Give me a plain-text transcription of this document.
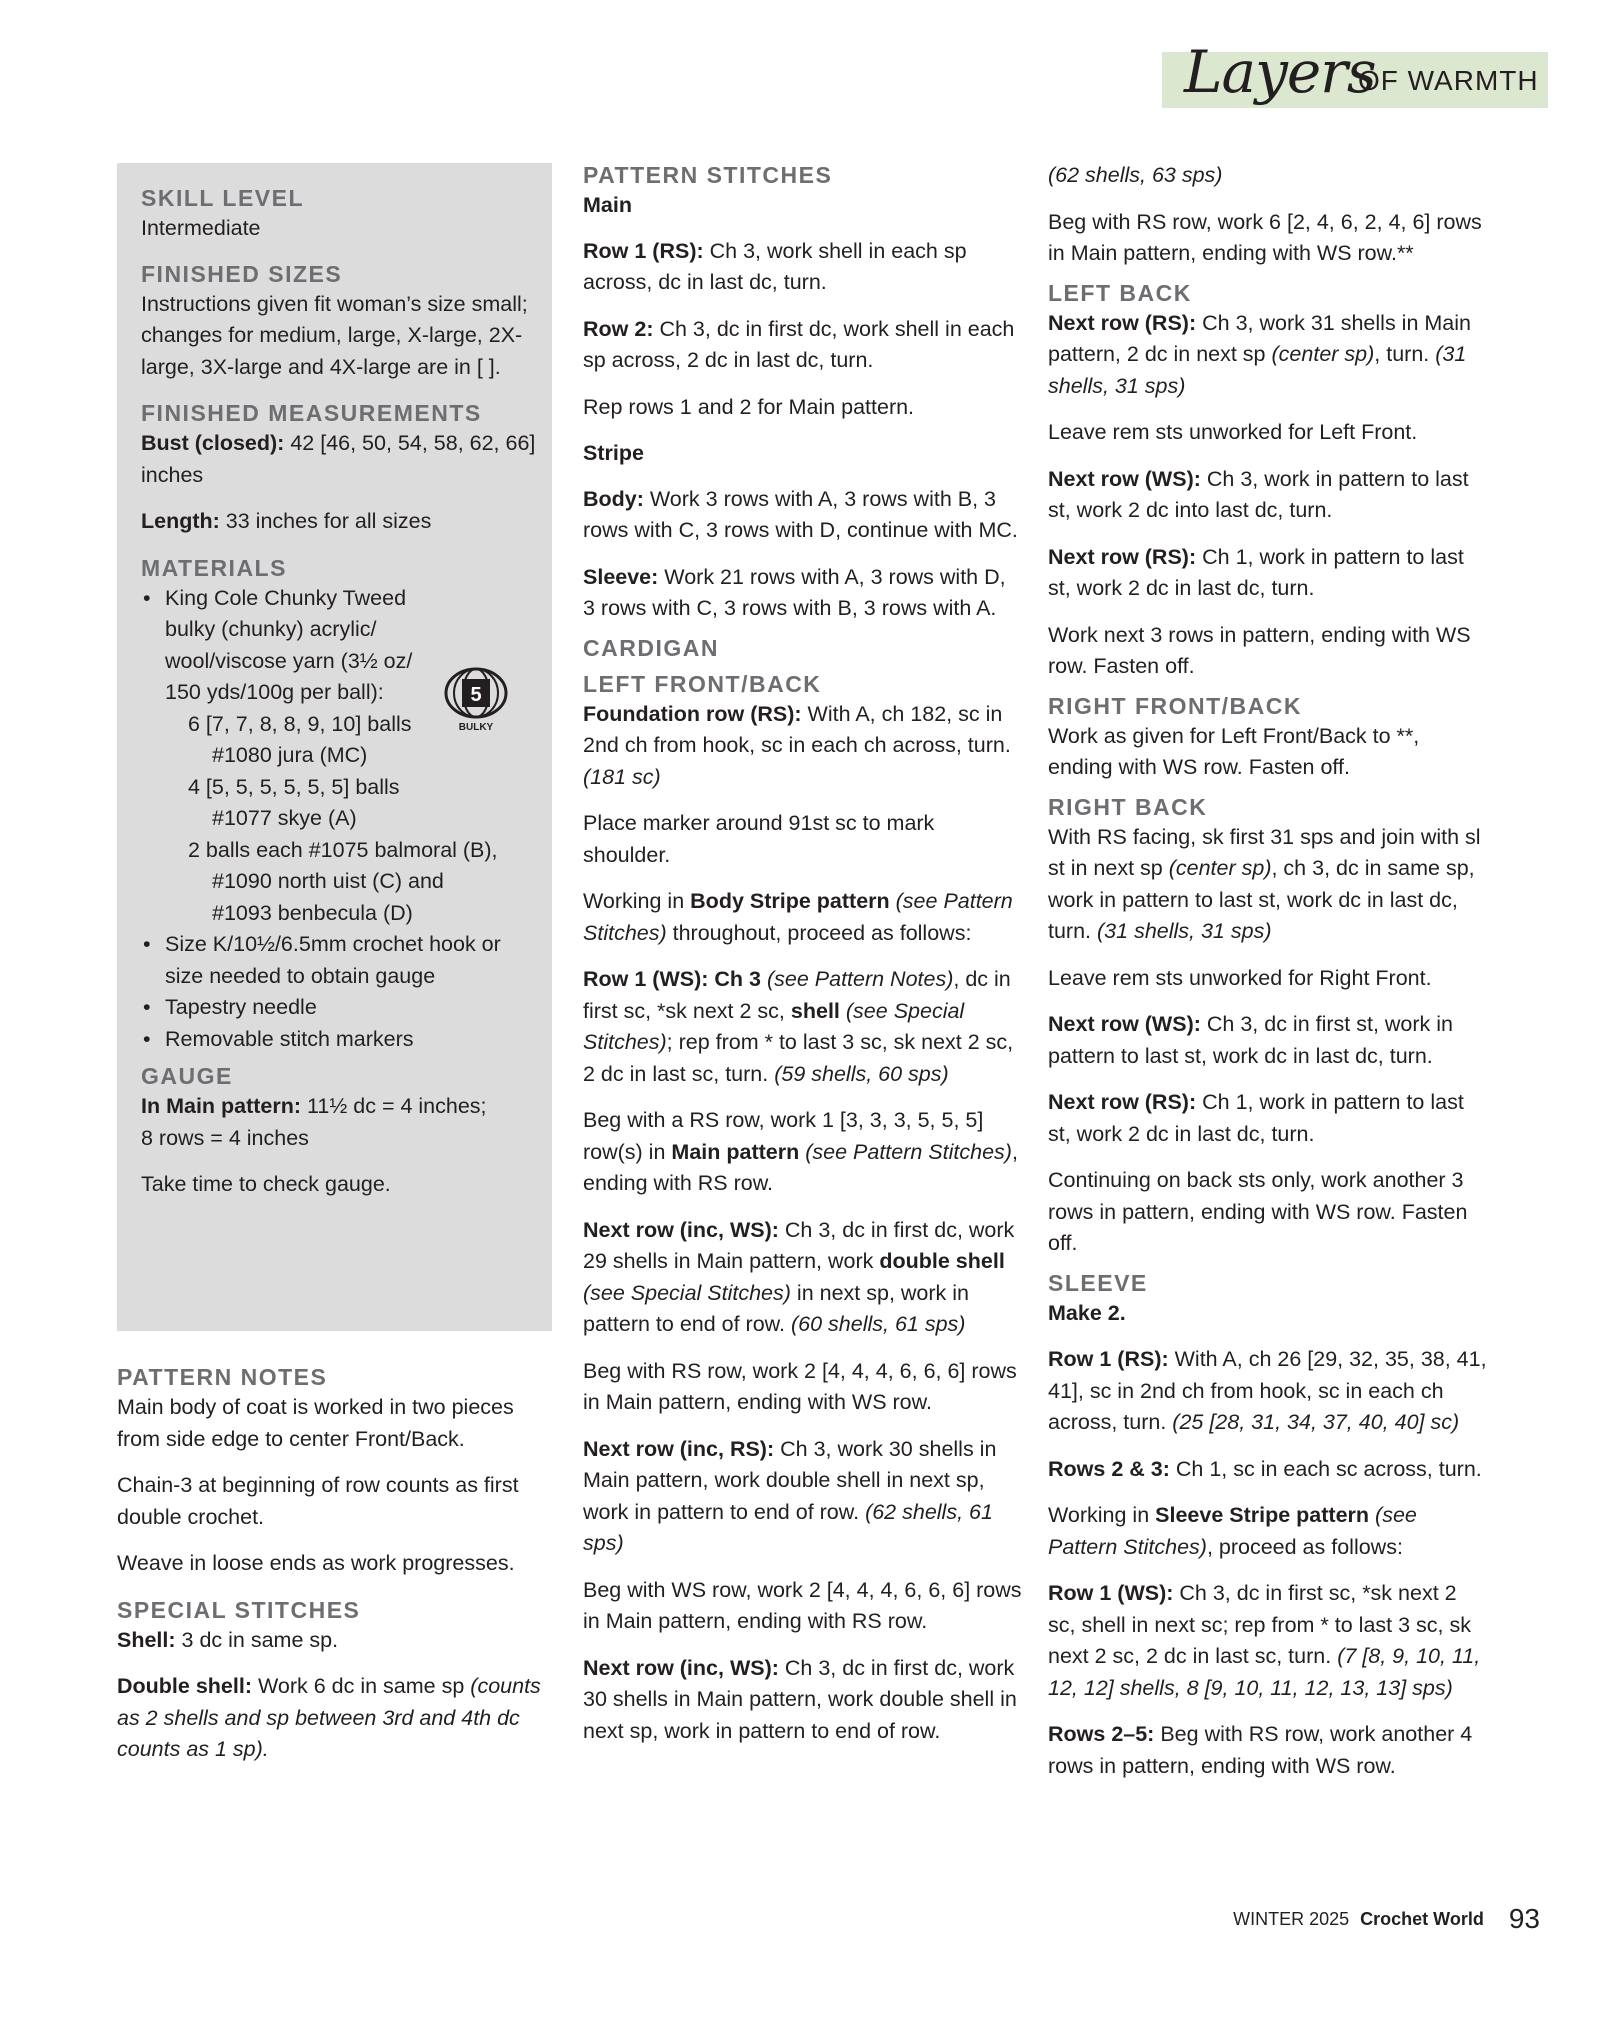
Layers
OF WARMTH
SKILL LEVEL

Intermediate

FINISHED SIZES

Instructions given fit woman’s size small; changes for medium, large, X-large, 2X-large, 3X-large and 4X-large are in [ ].

FINISHED MEASUREMENTS

Bust (closed): 42 [46, 50, 54, 58, 62, 66] inches

Length: 33 inches for all sizes

MATERIALS
• King Cole Chunky Tweed
bulky (chunky) acrylic/
wool/viscose yarn (3½ oz/
150 yds/100g per ball):
6 [7, 7, 8, 8, 9, 10] balls
#1080 jura (MC)
4 [5, 5, 5, 5, 5, 5] balls
#1077 skye (A)
2 balls each #1075 balmoral (B),
#1090 north uist (C) and
#1093 benbecula (D)
• Size K/10½/6.5mm crochet hook or
size needed to obtain gauge
• Tapestry needle
• Removable stitch markers
GAUGE

In Main pattern: 11½ dc = 4 inches;
8 rows = 4 inches

Take time to check gauge.

5
BULKY
PATTERN NOTES

Main body of coat is worked in two pieces from side edge to center Front/Back.

Chain-3 at beginning of row counts as first double crochet.

Weave in loose ends as work progresses.

SPECIAL STITCHES

Shell: 3 dc in same sp.

Double shell: Work 6 dc in same sp (counts as 2 shells and sp between 3rd and 4th dc counts as 1 sp).

PATTERN STITCHES
Main

Row 1 (RS): Ch 3, work shell in each sp across, dc in last dc, turn.

Row 2: Ch 3, dc in first dc, work shell in each sp across, 2 dc in last dc, turn.

Rep rows 1 and 2 for Main pattern.

Stripe

Body: Work 3 rows with A, 3 rows with B, 3 rows with C, 3 rows with D, continue with MC.

Sleeve: Work 21 rows with A, 3 rows with D, 3 rows with C, 3 rows with B, 3 rows with A.

CARDIGAN
LEFT FRONT/BACK

Foundation row (RS): With A, ch 182, sc in 2nd ch from hook, sc in each ch across, turn. (181 sc)

Place marker around 91st sc to mark shoulder.

Working in Body Stripe pattern (see Pattern Stitches) throughout, proceed as follows:

Row 1 (WS): Ch 3 (see Pattern Notes), dc in first sc, *sk next 2 sc, shell (see Special Stitches); rep from * to last 3 sc, sk next 2 sc, 2 dc in last sc, turn. (59 shells, 60 sps)

Beg with a RS row, work 1 [3, 3, 3, 5, 5, 5] row(s) in Main pattern (see Pattern Stitches), ending with RS row.

Next row (inc, WS): Ch 3, dc in first dc, work 29 shells in Main pattern, work double shell (see Special Stitches) in next sp, work in pattern to end of row. (60 shells, 61 sps)

Beg with RS row, work 2 [4, 4, 4, 6, 6, 6] rows in Main pattern, ending with WS row.

Next row (inc, RS): Ch 3, work 30 shells in Main pattern, work double shell in next sp, work in pattern to end of row. (62 shells, 61 sps)

Beg with WS row, work 2 [4, 4, 4, 6, 6, 6] rows in Main pattern, ending with RS row.

Next row (inc, WS): Ch 3, dc in first dc, work 30 shells in Main pattern, work double shell in next sp, work in pattern to end of row.

(62 shells, 63 sps)

Beg with RS row, work 6 [2, 4, 6, 2, 4, 6] rows in Main pattern, ending with WS row.**

LEFT BACK

Next row (RS): Ch 3, work 31 shells in Main pattern, 2 dc in next sp (center sp), turn. (31 shells, 31 sps)

Leave rem sts unworked for Left Front.

Next row (WS): Ch 3, work in pattern to last st, work 2 dc into last dc, turn.

Next row (RS): Ch 1, work in pattern to last st, work 2 dc in last dc, turn.

Work next 3 rows in pattern, ending with WS row. Fasten off.

RIGHT FRONT/BACK

Work as given for Left Front/Back to **, ending with WS row. Fasten off.

RIGHT BACK

With RS facing, sk first 31 sps and join with sl st in next sp (center sp), ch 3, dc in same sp, work in pattern to last st, work dc in last dc, turn. (31 shells, 31 sps)

Leave rem sts unworked for Right Front.

Next row (WS): Ch 3, dc in first st, work in pattern to last st, work dc in last dc, turn.

Next row (RS): Ch 1, work in pattern to last st, work 2 dc in last dc, turn.

Continuing on back sts only, work another 3 rows in pattern, ending with WS row. Fasten off.

SLEEVE

Make 2.

Row 1 (RS): With A, ch 26 [29, 32, 35, 38, 41, 41], sc in 2nd ch from hook, sc in each ch across, turn. (25 [28, 31, 34, 37, 40, 40] sc)

Rows 2 & 3: Ch 1, sc in each sc across, turn.

Working in Sleeve Stripe pattern (see Pattern Stitches), proceed as follows:

Row 1 (WS): Ch 3, dc in first sc, *sk next 2 sc, shell in next sc; rep from * to last 3 sc, sk next 2 sc, 2 dc in last sc, turn. (7 [8, 9, 10, 11, 12, 12] shells, 8 [9, 10, 11, 12, 13, 13] sps)

Rows 2–5: Beg with RS row, work another 4 rows in pattern, ending with WS row.

WINTER 2025 Crochet World 93
